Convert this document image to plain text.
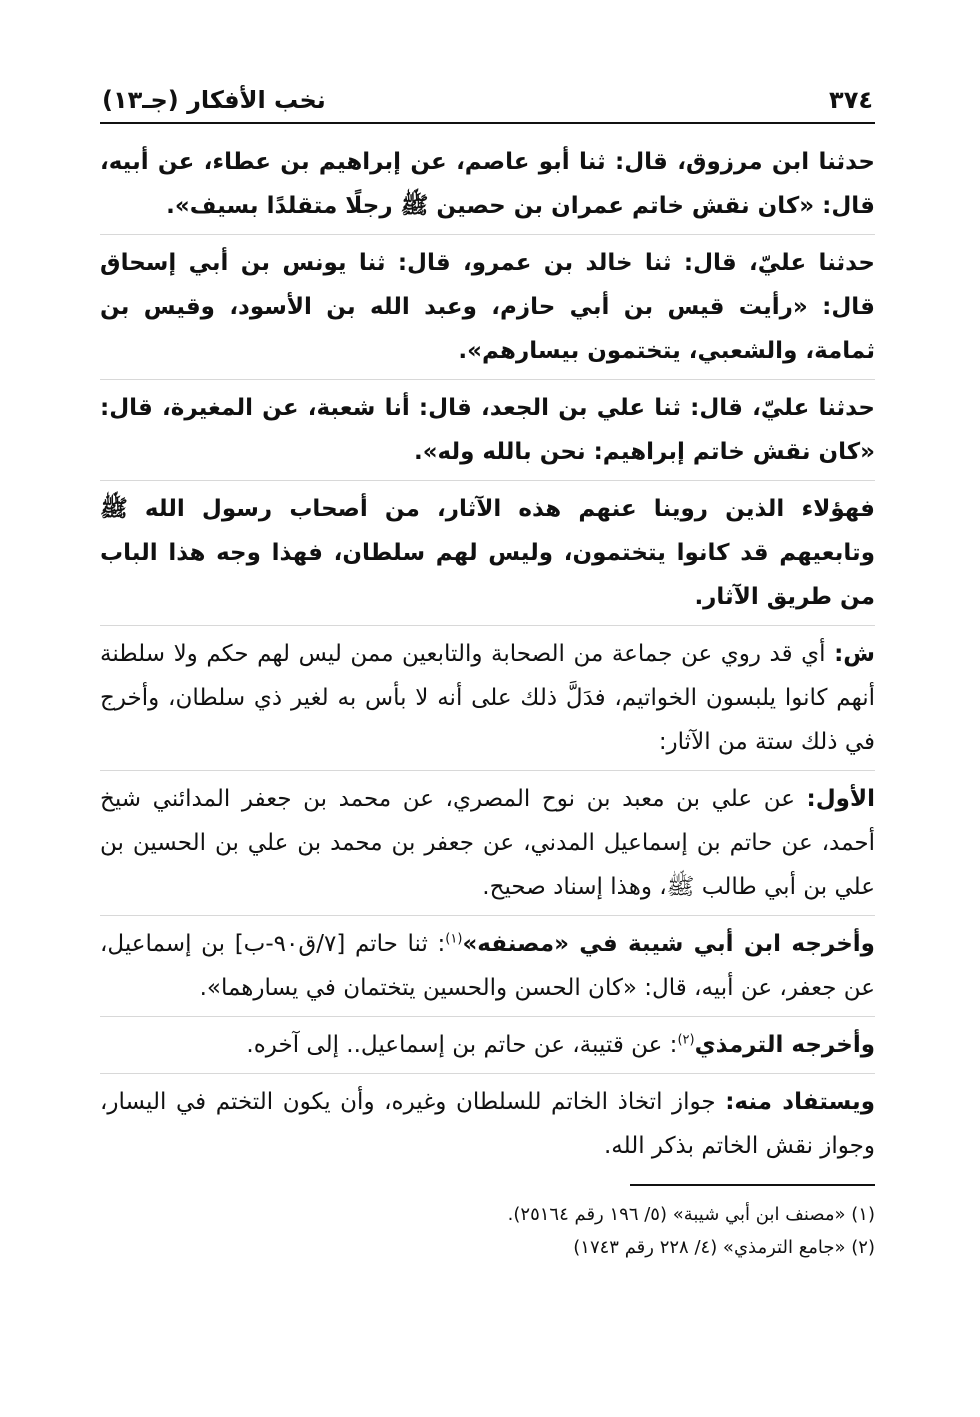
٣٧٤
نخب الأفكار (جـ١٣)

حدثنا ابن مرزوق، قال: ثنا أبو عاصم، عن إبراهيم بن عطاء، عن أبيه، قال: «كان نقش خاتم عمران بن حصين ﷺ رجلًا متقلدًا بسيف».

حدثنا عليّ، قال: ثنا خالد بن عمرو، قال: ثنا يونس بن أبي إسحاق قال: «رأيت قيس بن أبي حازم، وعبد الله بن الأسود، وقيس بن ثمامة، والشعبي، يتختمون بيسارهم».

حدثنا عليّ، قال: ثنا علي بن الجعد، قال: أنا شعبة، عن المغيرة، قال: «كان نقش خاتم إبراهيم: نحن بالله وله».

فهؤلاء الذين روينا عنهم هذه الآثار، من أصحاب رسول الله ﷺ وتابعيهم قد كانوا يتختمون، وليس لهم سلطان، فهذا وجه هذا الباب من طريق الآثار.

ش: أي قد روي عن جماعة من الصحابة والتابعين ممن ليس لهم حكم ولا سلطنة أنهم كانوا يلبسون الخواتيم، فدَلَّ ذلك على أنه لا بأس به لغير ذي سلطان، وأخرج في ذلك ستة من الآثار:

الأول: عن علي بن معبد بن نوح المصري، عن محمد بن جعفر المدائني شيخ أحمد، عن حاتم بن إسماعيل المدني، عن جعفر بن محمد بن علي بن الحسين بن علي بن أبي طالب ﷺ، وهذا إسناد صحيح.

وأخرجه ابن أبي شيبة في «مصنفه»$^{(١)}$: ثنا حاتم [٧/ق٩٠-ب] بن إسماعيل، عن جعفر، عن أبيه، قال: «كان الحسن والحسين يتختمان في يسارهما».

وأخرجه الترمذي$^{(٢)}$: عن قتيبة، عن حاتم بن إسماعيل.. إلى آخره.

ويستفاد منه: جواز اتخاذ الخاتم للسلطان وغيره، وأن يكون التختم في اليسار، وجواز نقش الخاتم بذكر الله.

(١) «مصنف ابن أبي شيبة» (٥/ ١٩٦ رقم ٢٥١٦٤).

(٢) «جامع الترمذي» (٤/ ٢٢٨ رقم ١٧٤٣)
